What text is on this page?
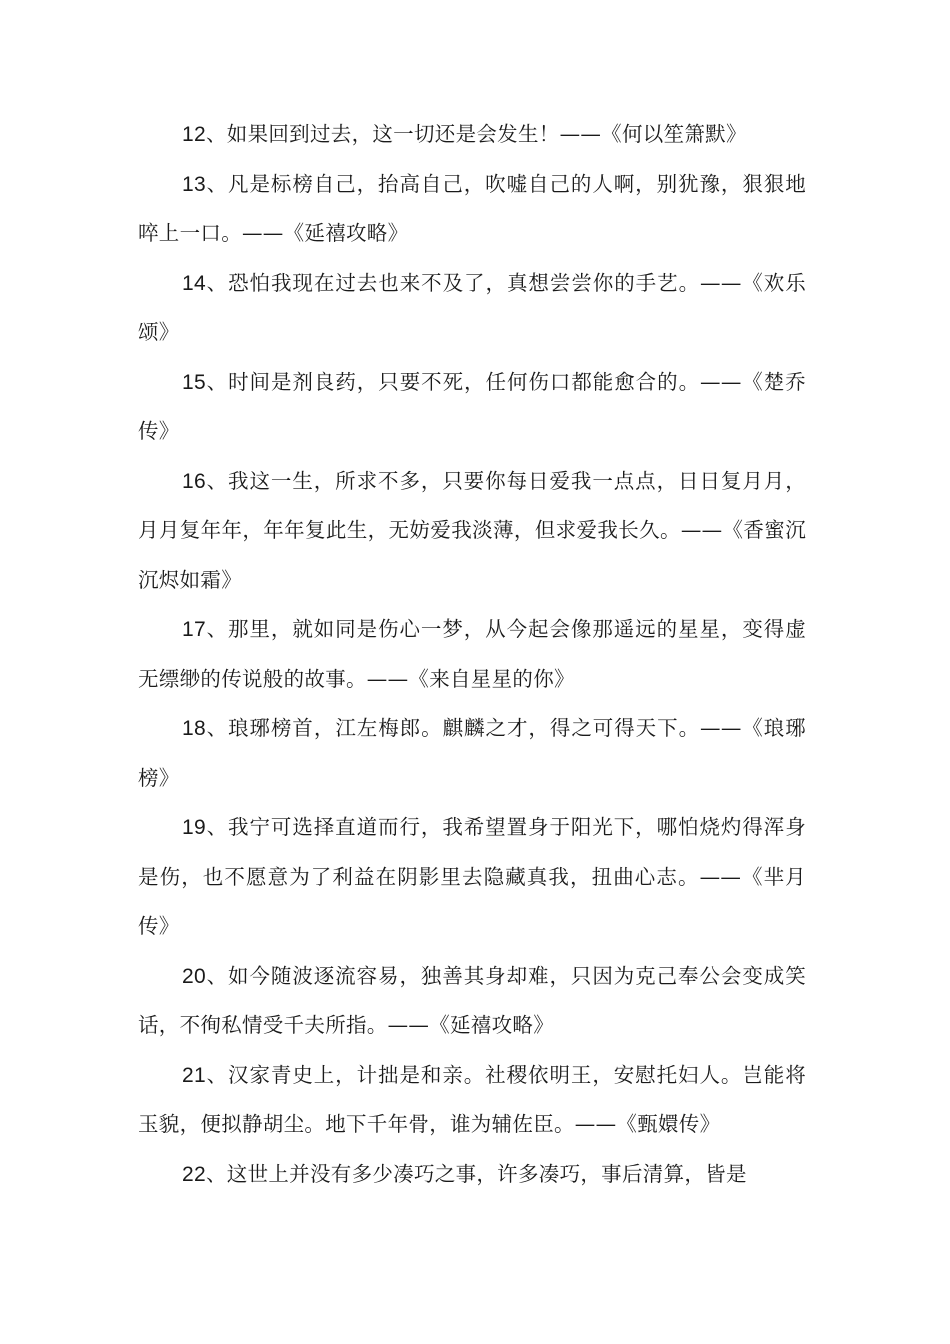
12、如果回到过去，这一切还是会发生！——《何以笙箫默》

13、凡是标榜自己，抬高自己，吹嘘自己的人啊，别犹豫，狠狠地啐上一口。——《延禧攻略》

14、恐怕我现在过去也来不及了，真想尝尝你的手艺。——《欢乐颂》

15、时间是剂良药，只要不死，任何伤口都能愈合的。——《楚乔传》

16、我这一生，所求不多，只要你每日爱我一点点，日日复月月，月月复年年，年年复此生，无妨爱我淡薄，但求爱我长久。——《香蜜沉沉烬如霜》

17、那里，就如同是伤心一梦，从今起会像那遥远的星星，变得虚无缥缈的传说般的故事。——《来自星星的你》

18、琅琊榜首，江左梅郎。麒麟之才，得之可得天下。——《琅琊榜》

19、我宁可选择直道而行，我希望置身于阳光下，哪怕烧灼得浑身是伤，也不愿意为了利益在阴影里去隐藏真我，扭曲心志。——《芈月传》

20、如今随波逐流容易，独善其身却难，只因为克己奉公会变成笑话，不徇私情受千夫所指。——《延禧攻略》

21、汉家青史上，计拙是和亲。社稷依明王，安慰托妇人。岂能将玉貌，便拟静胡尘。地下千年骨，谁为辅佐臣。——《甄嬛传》

22、这世上并没有多少凑巧之事，许多凑巧，事后清算，皆是
